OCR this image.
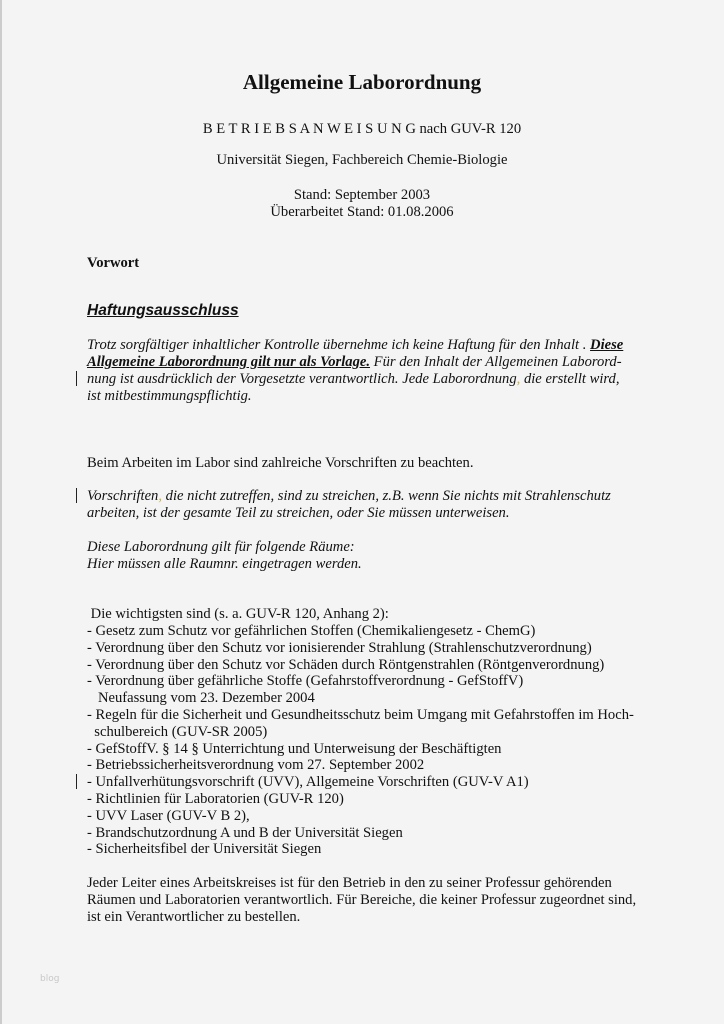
Allgemeine Laborordnung
B E T R I E B S A N W E I S U N G nach GUV-R 120
Universität Siegen, Fachbereich Chemie-Biologie
Stand: September 2003
Überarbeitet Stand: 01.08.2006
Vorwort
Haftungsausschluss
Trotz sorgfältiger inhaltlicher Kontrolle übernehme ich keine Haftung für den Inhalt . Diese
Allgemeine Laborordnung gilt nur als Vorlage. Für den Inhalt der Allgemeinen Laborord-
nung ist ausdrücklich der Vorgesetzte verantwortlich. Jede Laborordnung, die erstellt wird,
ist mitbestimmungspflichtig.
Beim Arbeiten im Labor sind zahlreiche Vorschriften zu beachten.
Vorschriften, die nicht zutreffen, sind zu streichen, z.B. wenn Sie nichts mit Strahlenschutz
arbeiten, ist der gesamte Teil zu streichen, oder Sie müssen unterweisen.
Diese Laborordnung gilt für folgende Räume:
Hier müssen alle Raumnr. eingetragen werden.
Die wichtigsten sind (s. a. GUV-R 120, Anhang 2):
- Gesetz zum Schutz vor gefährlichen Stoffen (Chemikaliengesetz - ChemG)
- Verordnung über den Schutz vor ionisierender Strahlung (Strahlenschutzverordnung)
- Verordnung über den Schutz vor Schäden durch Röntgenstrahlen (Röntgenverordnung)
- Verordnung über gefährliche Stoffe (Gefahrstoffverordnung - GefStoffV)
Neufassung vom 23. Dezember 2004
- Regeln für die Sicherheit und Gesundheitsschutz beim Umgang mit Gefahrstoffen im Hoch-
schulbereich (GUV-SR 2005)
- GefStoffV. § 14 § Unterrichtung und Unterweisung der Beschäftigten
- Betriebssicherheitsverordnung vom 27. September 2002
- Unfallverhütungsvorschrift (UVV), Allgemeine Vorschriften (GUV-V A1)
- Richtlinien für Laboratorien (GUV-R 120)
- UVV Laser (GUV-V B 2),
- Brandschutzordnung A und B der Universität Siegen
- Sicherheitsfibel der Universität Siegen
Jeder Leiter eines Arbeitskreises ist für den Betrieb in den zu seiner Professur gehörenden
Räumen und Laboratorien verantwortlich. Für Bereiche, die keiner Professur zugeordnet sind,
ist ein Verantwortlicher zu bestellen.
blog
